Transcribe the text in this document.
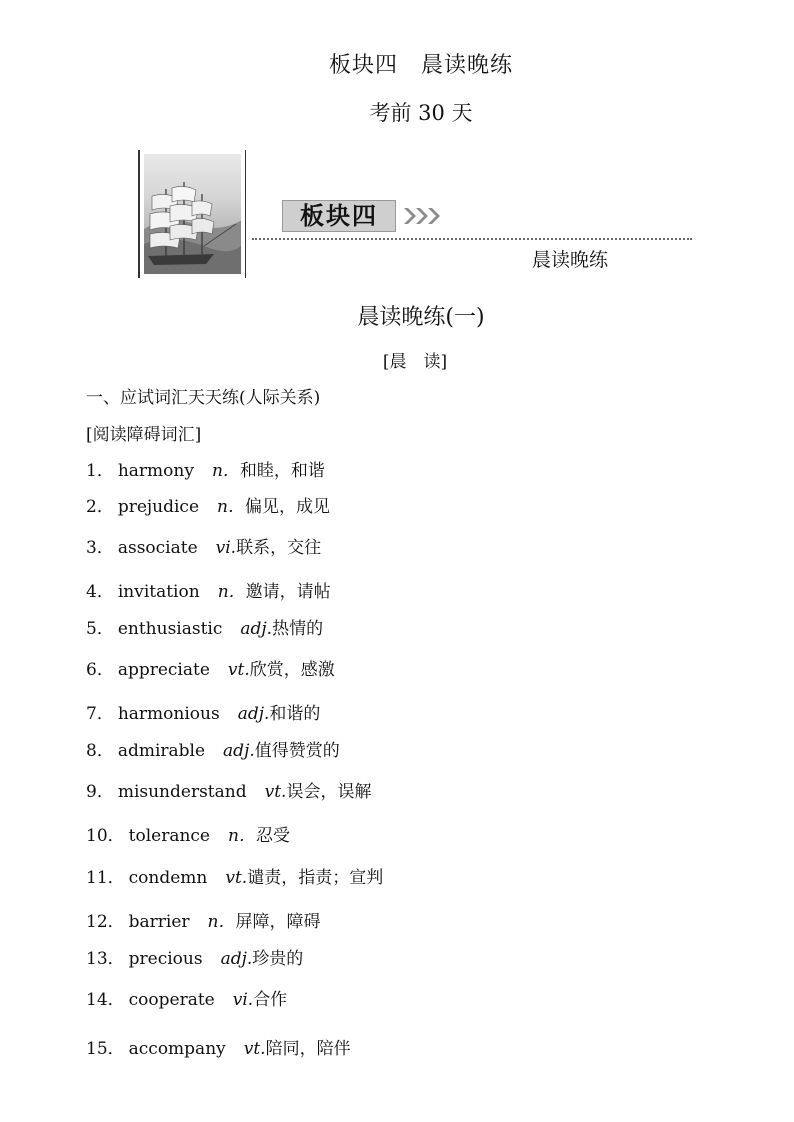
板块四　晨读晚练
考前 30 天
板块四
晨读晚练
晨读晚练(一)
[晨　读]
一、应试词汇天天练(人际关系)
[阅读障碍词汇]
1． harmony n．和睦，和谐
2． prejudice n．偏见，成见
3． associate vi.联系，交往
4． invitation n．邀请，请帖
5． enthusiastic adj.热情的
6． appreciate vt.欣赏，感激
7． harmonious adj.和谐的
8． admirable adj.值得赞赏的
9． misunderstand vt.误会，误解
10． tolerance n．忍受
11． condemn vt.谴责，指责；宣判
12． barrier n．屏障，障碍
13． precious adj.珍贵的
14． cooperate vi.合作
15． accompany vt.陪同，陪伴
